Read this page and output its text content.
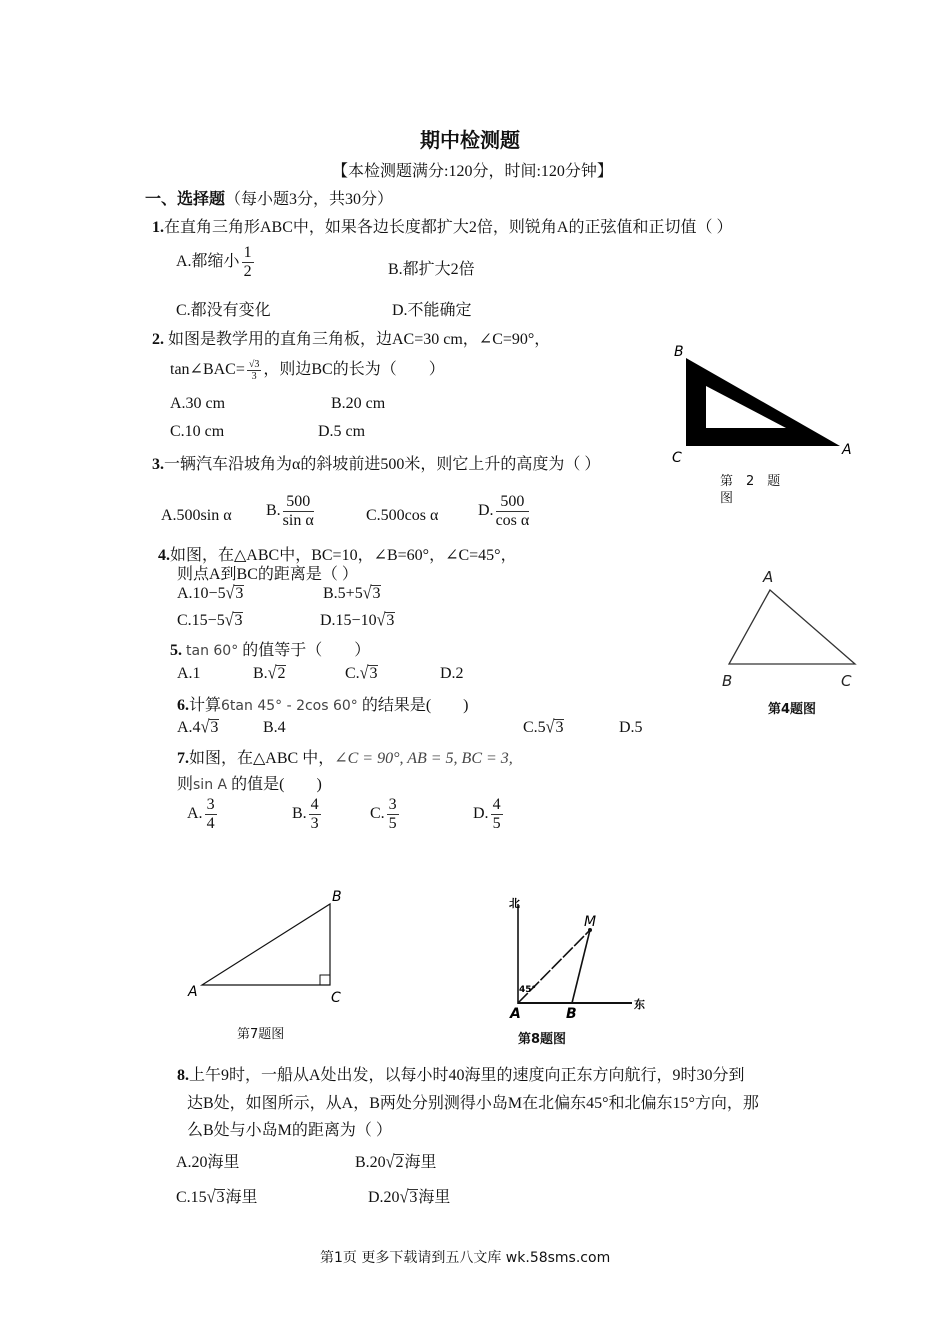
期中检测题
【本检测题满分:120分，时间:120分钟】
一、选择题（每小题3分，共30分）
1.在直角三角形ABC中，如果各边长度都扩大2倍，则锐角A的正弦值和正切值（ ）
A.都缩小 $\frac{1}{2}$	B.都扩大2倍
C.都没有变化	D.不能确定
2. 如图是教学用的直角三角板，边AC=30 cm，∠C=90°，
tan∠BAC= $\frac{√3}{3}$ ，则边BC的长为（　　）
A.30 cm	B.20 cm
C.10 cm	D.5 cm
B
C	A
第　2　题
图
3.一辆汽车沿坡角为α的斜坡前进500米，则它上升的高度为（ ）
A.500sin α B. $\frac{500}{\text{sin α}}$	C.500cos α D. $\frac{500}{\text{cos α}}$
4.如图，在△ABC中，BC=10，∠B=60°，∠C=45°，
则点A到BC的距离是（ ）
A.10−5√3	B.5+5√3
C.15−5√3	D.15−10√3
A
B	C
第4题图
5. tan 60° 的值等于（　　）
A.1	B.√2	C.√3	D.2
6.计算6tan 45° - 2cos 60° 的结果是(　　)
A.4√3	B.4	C.5√3	D.5
7.如图，在△ABC 中，∠C = 90°, AB = 5, BC = 3,
则sin A 的值是(　　)
A. $\frac{3}{4}$	B. $\frac{4}{3}$	C. $\frac{3}{5}$	D. $\frac{4}{5}$
B
A	C
第7题图
北
东
M
45°
A	B
第8题图
8.上午9时，一船从A处出发，以每小时40海里的速度向正东方向航行，9时30分到
达B处，如图所示，从A，B两处分别测得小岛M在北偏东45°和北偏东15°方向，那
么B处与小岛M的距离为（ ）
A.20海里	B.20√2海里
C.15√3海里	D.20√3海里
第1页 更多下载请到五八文库 wk.58sms.com
